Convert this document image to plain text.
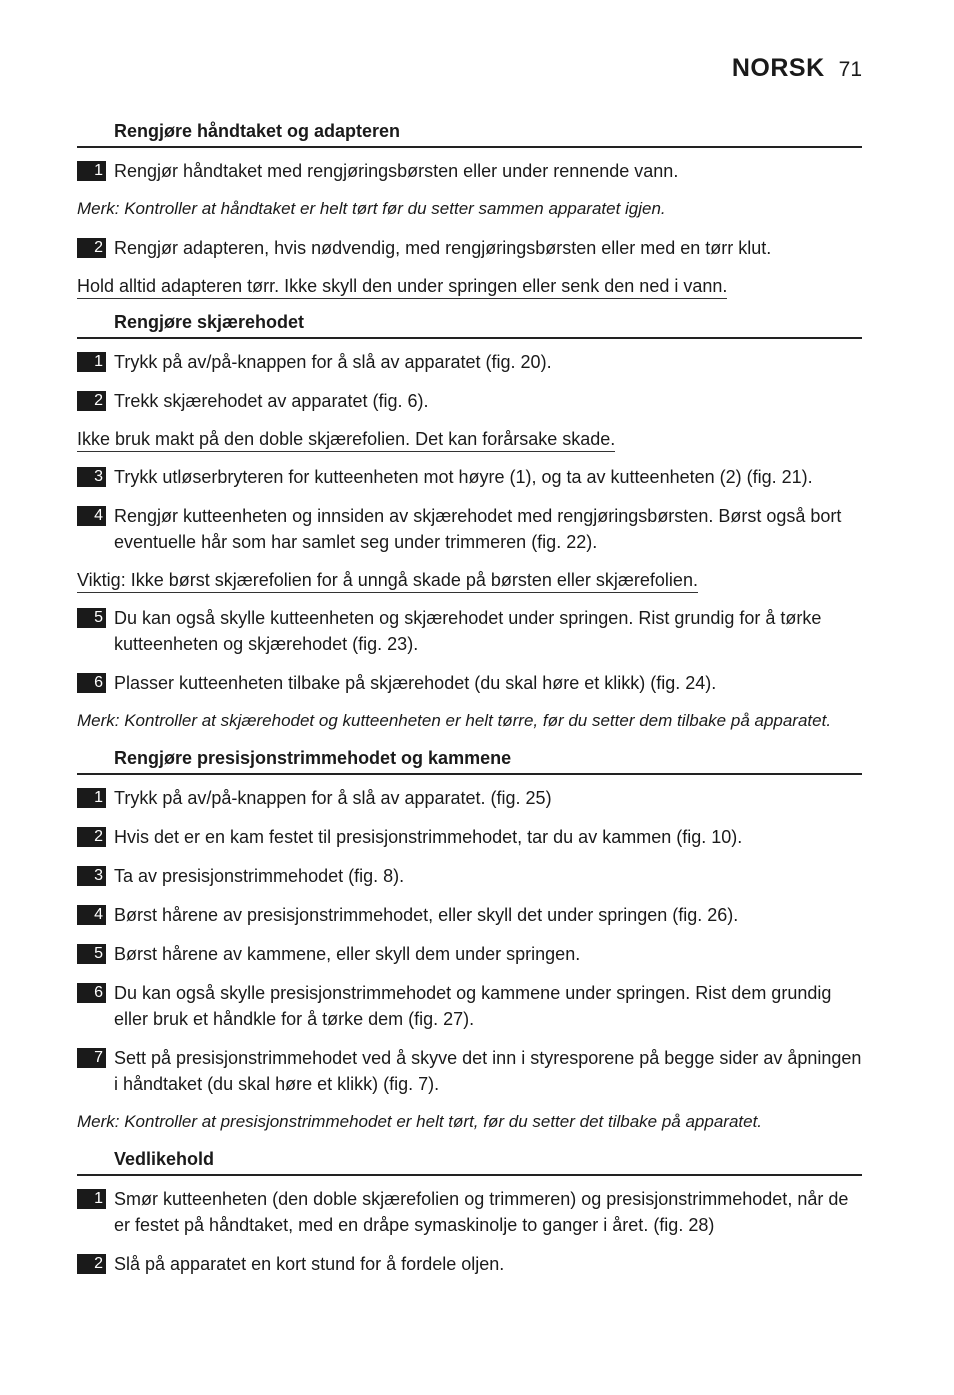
NORSK 71
Rengjøre håndtaket og adapteren
1 Rengjør håndtaket med rengjøringsbørsten eller under rennende vann.
Merk: Kontroller at håndtaket er helt tørt før du setter sammen apparatet igjen.
2 Rengjør adapteren, hvis nødvendig, med rengjøringsbørsten eller med en tørr klut.
Hold alltid adapteren tørr. Ikke skyll den under springen eller senk den ned i vann.
Rengjøre skjærehodet
1 Trykk på av/på-knappen for å slå av apparatet (fig. 20).
2 Trekk skjærehodet av apparatet (fig. 6).
Ikke bruk makt på den doble skjærefolien. Det kan forårsake skade.
3 Trykk utløserbryteren for kutteenheten mot høyre (1), og ta av kutteenheten (2) (fig. 21).
4 Rengjør kutteenheten og innsiden av skjærehodet med rengjøringsbørsten. Børst også bort eventuelle hår som har samlet seg under trimmeren (fig. 22).
Viktig: Ikke børst skjærefolien for å unngå skade på børsten eller skjærefolien.
5 Du kan også skylle kutteenheten og skjærehodet under springen. Rist grundig for å tørke kutteenheten og skjærehodet (fig. 23).
6 Plasser kutteenheten tilbake på skjærehodet (du skal høre et klikk) (fig. 24).
Merk: Kontroller at skjærehodet og kutteenheten er helt tørre, før du setter dem tilbake på apparatet.
Rengjøre presisjonstrimmehodet og kammene
1 Trykk på av/på-knappen for å slå av apparatet. (fig. 25)
2 Hvis det er en kam festet til presisjonstrimmehodet, tar du av kammen (fig. 10).
3 Ta av presisjonstrimmehodet (fig. 8).
4 Børst hårene av presisjonstrimmehodet, eller skyll det under springen (fig. 26).
5 Børst hårene av kammene, eller skyll dem under springen.
6 Du kan også skylle presisjonstrimmehodet og kammene under springen. Rist dem grundig eller bruk et håndkle for å tørke dem (fig. 27).
7 Sett på presisjonstrimmehodet ved å skyve det inn i styresporene på begge sider av åpningen i håndtaket (du skal høre et klikk) (fig. 7).
Merk: Kontroller at presisjonstrimmehodet er helt tørt, før du setter det tilbake på apparatet.
Vedlikehold
1 Smør kutteenheten (den doble skjærefolien og trimmeren) og presisjonstrimmehodet, når de er festet på håndtaket, med en dråpe symaskinolje to ganger i året. (fig. 28)
2 Slå på apparatet en kort stund for å fordele oljen.
